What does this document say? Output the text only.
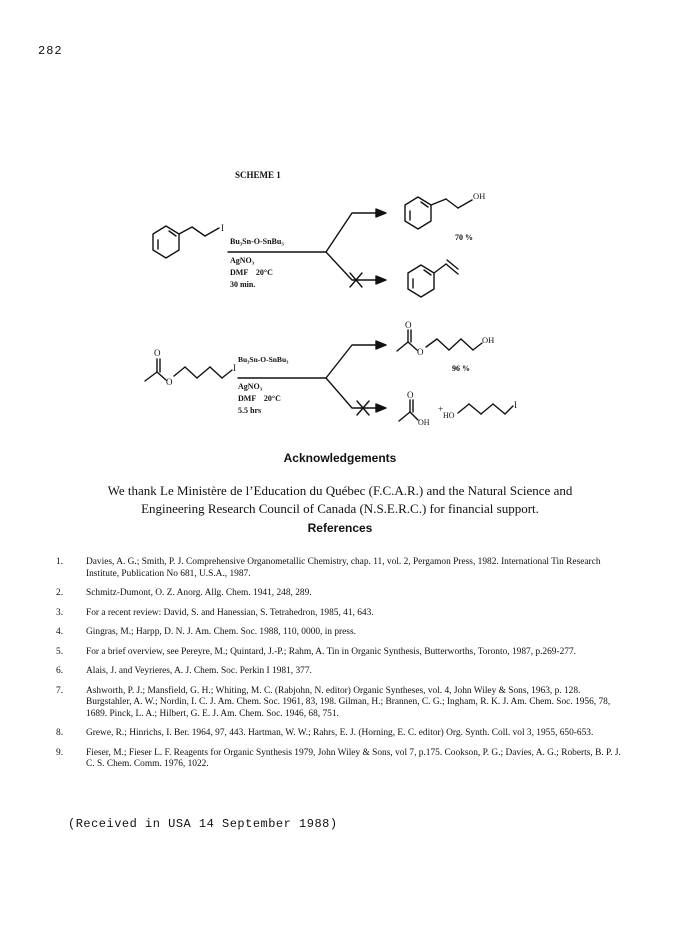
282
SCHEME 1
I
Bu₃Sn-O-SnBu₃
AgNO₃
DMF    20°C
30 min.
OH
70 %
O
O
I
Bu₃Sn-O-SnBu₃
AgNO₃
DMF    20°C
5.5 hrs
O
O
OH
96 %
O
OH
+
HO
I
Acknowledgements
We thank Le Ministère de l’Education du Québec (F.C.A.R.) and the Natural Science and Engineering Research Council of Canada (N.S.E.R.C.) for financial support.
References
1.	Davies, A. G.; Smith, P. J. Comprehensive Organometallic Chemistry, chap. 11, vol. 2, Pergamon Press, 1982. International Tin Research Institute, Publication No 681, U.S.A., 1987.
2.	Schmitz-Dumont, O. Z. Anorg. Allg. Chem. 1941, 248, 289.
3.	For a recent review: David, S. and Hanessian, S. Tetrahedron, 1985, 41, 643.
4.	Gingras, M.; Harpp, D. N. J. Am. Chem. Soc. 1988, 110, 0000, in press.
5.	For a brief overview, see Pereyre, M.; Quintard, J.-P.; Rahm, A. Tin in Organic Synthesis, Butterworths, Toronto, 1987, p.269-277.
6.	Alais, J. and Veyrieres, A. J. Chem. Soc. Perkin I 1981, 377.
7.	Ashworth, P. J.; Mansfield, G. H.; Whiting, M. C. (Rabjohn, N. editor) Organic Syntheses, vol. 4, John Wiley & Sons, 1963, p. 128. Burgstahler, A. W.; Nordin, I. C. J. Am. Chem. Soc. 1961, 83, 198. Gilman, H.; Brannen, C. G.; Ingham, R. K. J. Am. Chem. Soc. 1956, 78, 1689. Pinck, L. A.; Hilbert, G. E. J. Am. Chem. Soc. 1946, 68, 751.
8.	Grewe, R.; Hinrichs, I. Ber. 1964, 97, 443. Hartman, W. W.; Rahrs, E. J. (Horning, E. C. editor) Org. Synth. Coll. vol 3, 1955, 650-653.
9.	Fieser, M.; Fieser L. F. Reagents for Organic Synthesis 1979, John Wiley & Sons, vol 7, p.175. Cookson, P. G.; Davies, A. G.; Roberts, B. P. J. C. S. Chem. Comm. 1976, 1022.
(Received in USA 14 September 1988)
